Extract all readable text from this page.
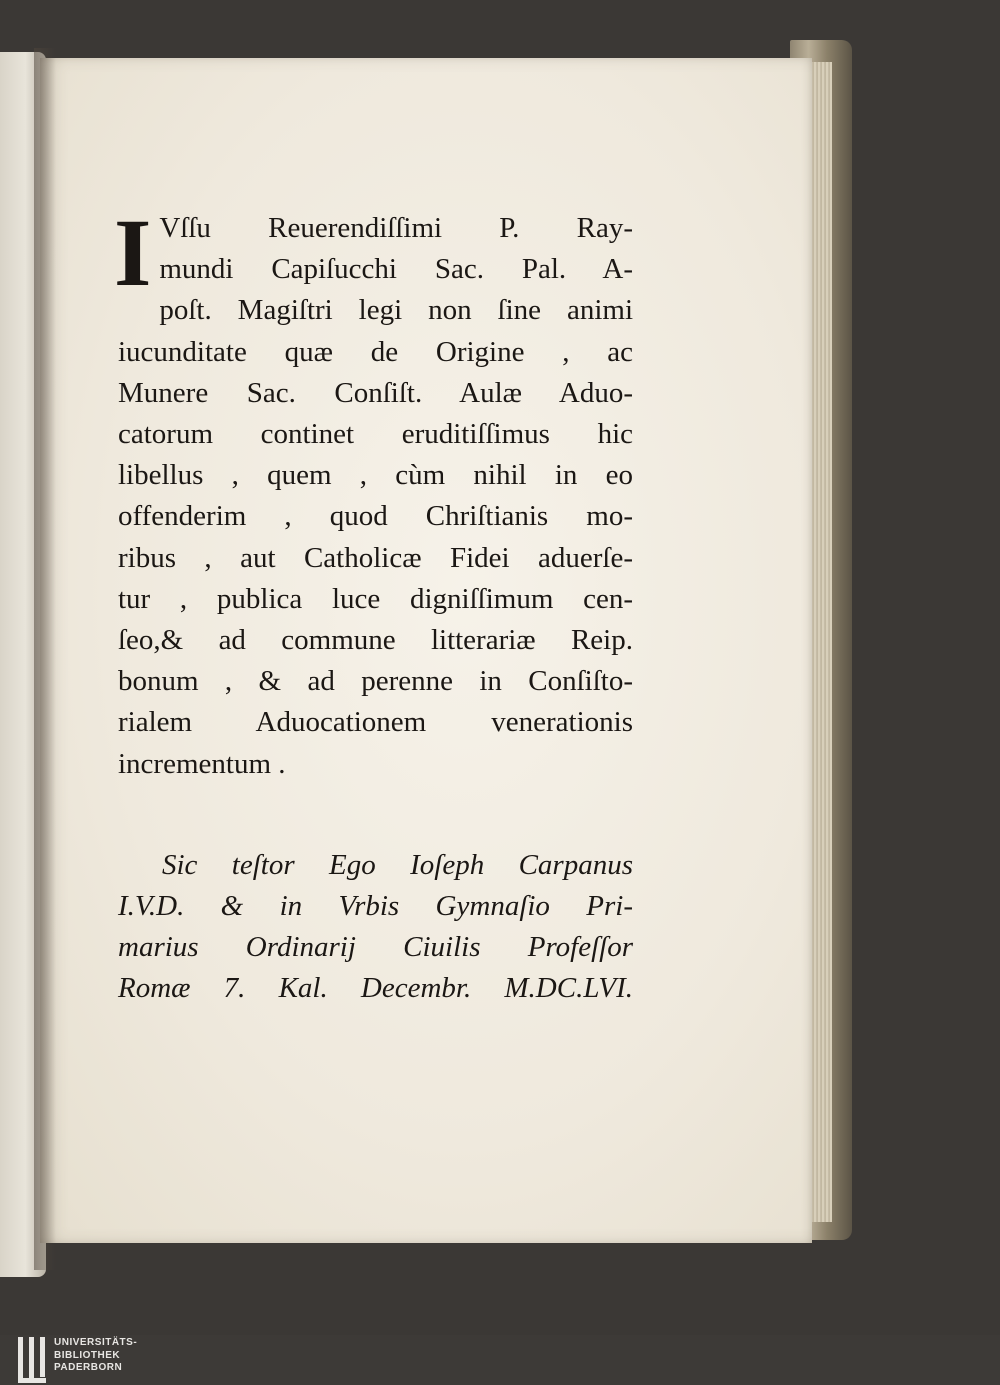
I Vſſu Reuerendiſſimi P. Ray-
mundi Capiſucchi Sac. Pal. A-
poſt. Magiſtri legi non ſine animi
iucunditate quæ de Origine , ac
Munere Sac. Conſiſt. Aulæ Aduo-
catorum continet eruditiſſimus hic
libellus , quem , cùm nihil in eo
offenderim , quod Chriſtianis mo-
ribus , aut Catholicæ Fidei aduerſe-
tur , publica luce digniſſimum cen-
ſeo,& ad commune litterariæ Reip.
bonum , & ad perenne in Conſiſto-
rialem Aduocationem venerationis
incrementum .

Sic teſtor Ego Ioſeph Carpanus
I.V.D. & in Vrbis Gymnaſio Pri-
marius Ordinarij Ciuilis Profeſſor
Romæ 7. Kal. Decembr. M.DC.LVI.
UNIVERSITÄTS-
BIBLIOTHEK
PADERBORN
